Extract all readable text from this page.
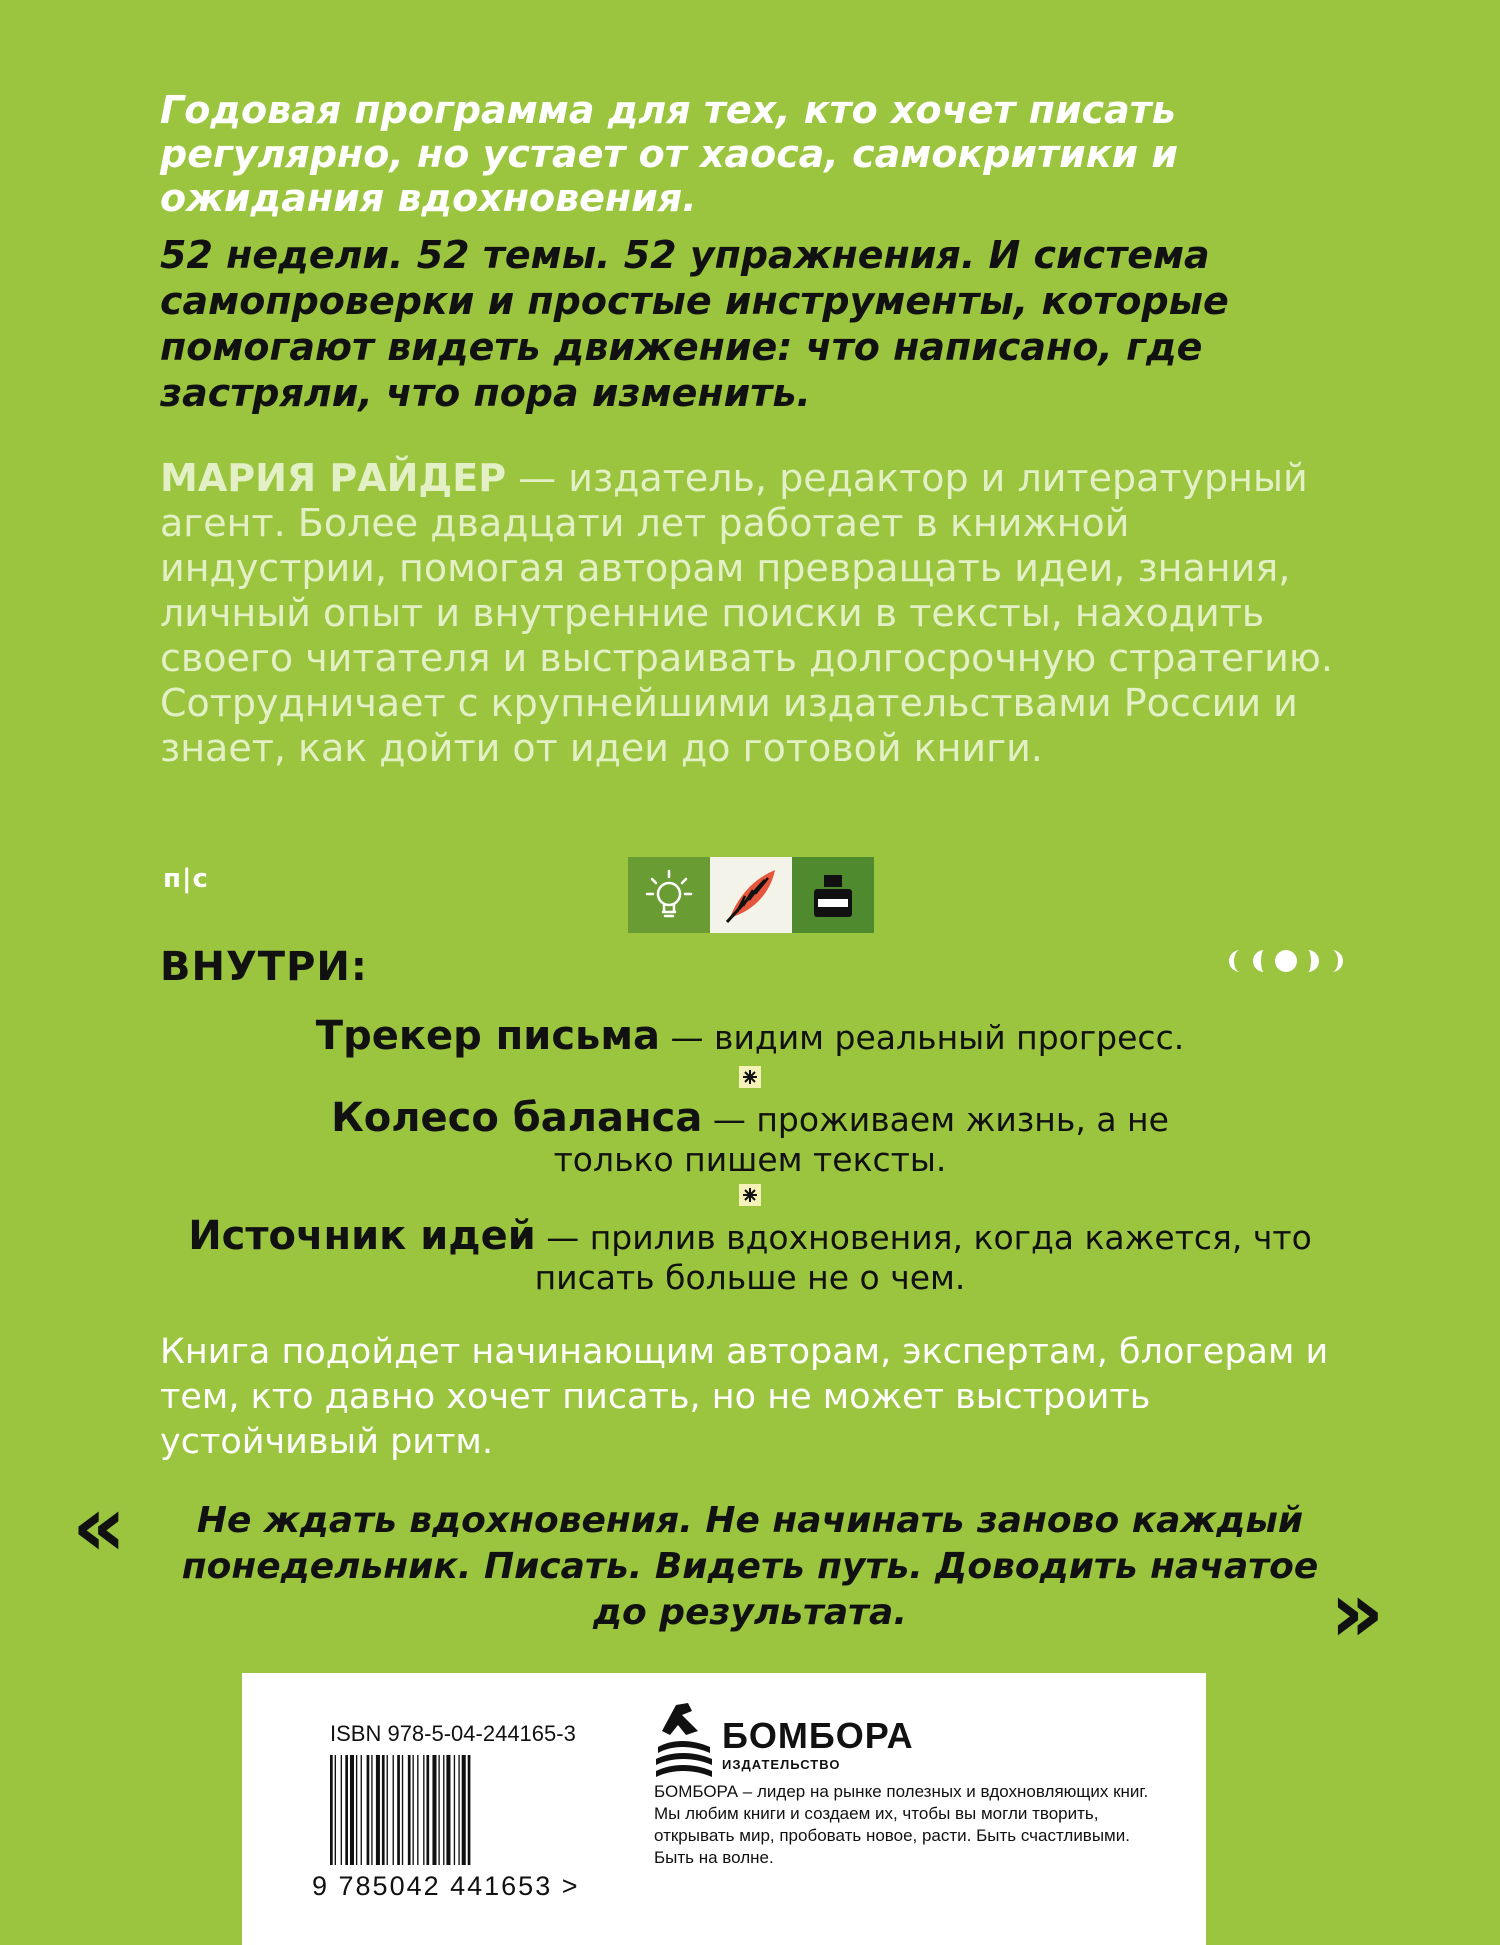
Годовая программа для тех, кто хочет писать регулярно, но устает от хаоса, самокритики и ожидания вдохновения.

52 недели. 52 темы. 52 упражнения. И система самопроверки и простые инструменты, которые помогают видеть движение: что написано, где застряли, что пора изменить.

МАРИЯ РАЙДЕР — издатель, редактор и литературный агент. Более двадцати лет работает в книжной индустрии, помогая авторам превращать идеи, знания, личный опыт и внутренние поиски в тексты, находить своего читателя и выстраивать долгосрочную стратегию. Сотрудничает с крупнейшими издательствами России и знает, как дойти от идеи до готовой книги.

п|с
ВНУТРИ:

Трекер письма — видим реальный прогресс.

Колесо баланса — проживаем жизнь, а не только пишем тексты.

Источник идей — прилив вдохновения, когда кажется, что писать больше не о чем.

Книга подойдет начинающим авторам, экспертам, блогерам и тем, кто давно хочет писать, но не может выстроить устойчивый ритм.

«	Не ждать вдохновения. Не начинать заново каждый понедельник. Писать. Видеть путь. Доводить начатое до результата.	»
ISBN 978-5-04-244165-3
9 785042 441653 >
БОМБОРА
ИЗДАТЕЛЬСТВО

БОМБОРА – лидер на рынке полезных и вдохновляющих книг. Мы любим книги и создаем их, чтобы вы могли творить, открывать мир, пробовать новое, расти. Быть счастливыми. Быть на волне.
